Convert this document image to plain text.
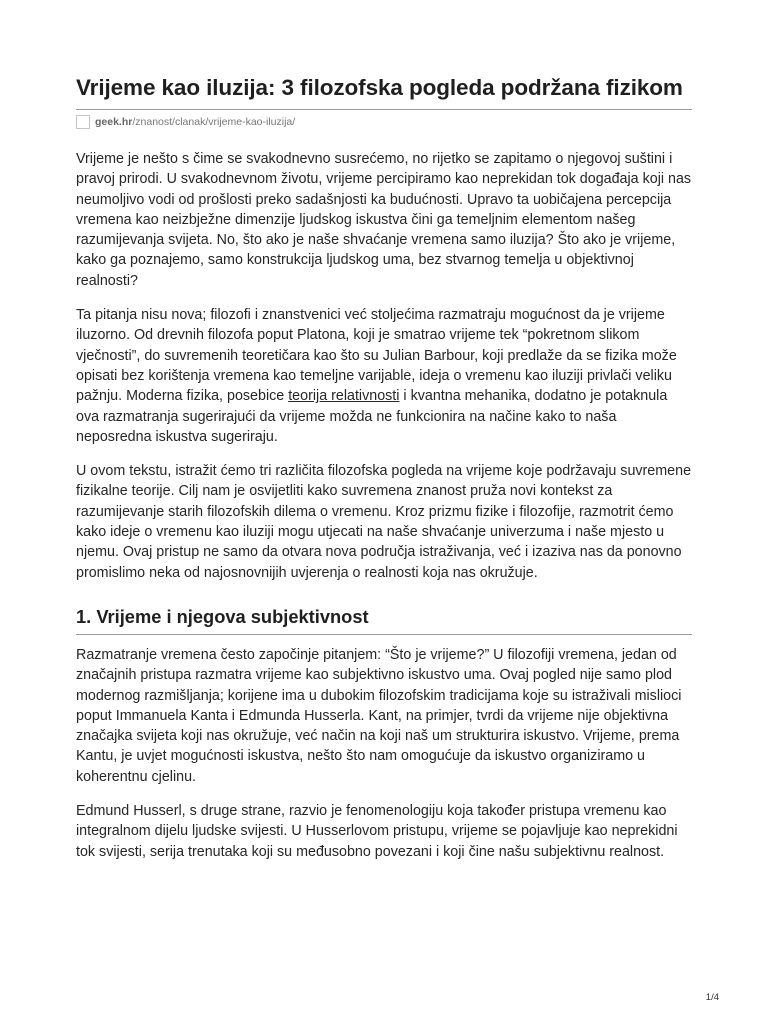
Vrijeme kao iluzija: 3 filozofska pogleda podržana fizikom
geek.hr/znanost/clanak/vrijeme-kao-iluzija/

Vrijeme je nešto s čime se svakodnevno susrećemo, no rijetko se zapitamo o njegovoj suštini i pravoj prirodi. U svakodnevnom životu, vrijeme percipiramo kao neprekidan tok događaja koji nas neumoljivo vodi od prošlosti preko sadašnjosti ka budućnosti. Upravo ta uobičajena percepcija vremena kao neizbježne dimenzije ljudskog iskustva čini ga temeljnim elementom našeg razumijevanja svijeta. No, što ako je naše shvaćanje vremena samo iluzija? Što ako je vrijeme, kako ga poznajemo, samo konstrukcija ljudskog uma, bez stvarnog temelja u objektivnoj realnosti?

Ta pitanja nisu nova; filozofi i znanstvenici već stoljećima razmatraju mogućnost da je vrijeme iluzorno. Od drevnih filozofa poput Platona, koji je smatrao vrijeme tek “pokretnom slikom vječnosti”, do suvremenih teoretičara kao što su Julian Barbour, koji predlaže da se fizika može opisati bez korištenja vremena kao temeljne varijable, ideja o vremenu kao iluziji privlači veliku pažnju. Moderna fizika, posebice teorija relativnosti i kvantna mehanika, dodatno je potaknula ova razmatranja sugerirajući da vrijeme možda ne funkcionira na načine kako to naša neposredna iskustva sugeriraju.

U ovom tekstu, istražit ćemo tri različita filozofska pogleda na vrijeme koje podržavaju suvremene fizikalne teorije. Cilj nam je osvijetliti kako suvremena znanost pruža novi kontekst za razumijevanje starih filozofskih dilema o vremenu. Kroz prizmu fizike i filozofije, razmotrit ćemo kako ideje o vremenu kao iluziji mogu utjecati na naše shvaćanje univerzuma i naše mjesto u njemu. Ovaj pristup ne samo da otvara nova područja istraživanja, već i izaziva nas da ponovno promislimo neka od najosnovnijih uvjerenja o realnosti koja nas okružuje.

1. Vrijeme i njegova subjektivnost

Razmatranje vremena često započinje pitanjem: “Što je vrijeme?” U filozofiji vremena, jedan od značajnih pristupa razmatra vrijeme kao subjektivno iskustvo uma. Ovaj pogled nije samo plod modernog razmišljanja; korijene ima u dubokim filozofskim tradicijama koje su istraživali mislioci poput Immanuela Kanta i Edmunda Husserla. Kant, na primjer, tvrdi da vrijeme nije objektivna značajka svijeta koji nas okružuje, već način na koji naš um strukturira iskustvo. Vrijeme, prema Kantu, je uvjet mogućnosti iskustva, nešto što nam omogućuje da iskustvo organiziramo u koherentnu cjelinu.

Edmund Husserl, s druge strane, razvio je fenomenologiju koja također pristupa vremenu kao integralnom dijelu ljudske svijesti. U Husserlovom pristupu, vrijeme se pojavljuje kao neprekidni tok svijesti, serija trenutaka koji su međusobno povezani i koji čine našu subjektivnu realnost.

1/4
